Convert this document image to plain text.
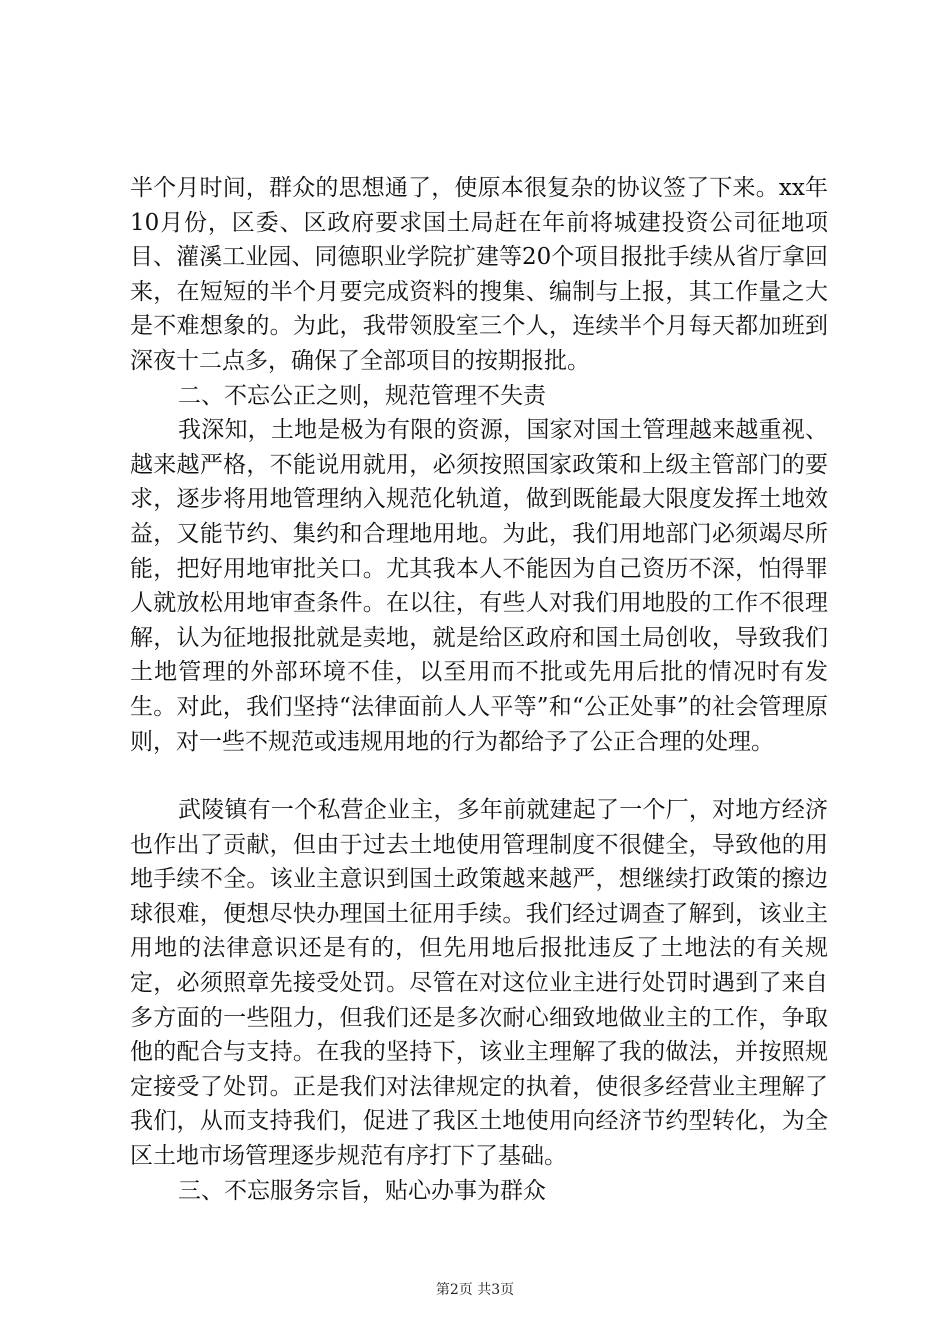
半个月时间，群众的思想通了，使原本很复杂的协议签了下来。xx年10月份，区委、区政府要求国土局赶在年前将城建投资公司征地项目、灌溪工业园、同德职业学院扩建等20个项目报批手续从省厅拿回来，在短短的半个月要完成资料的搜集、编制与上报，其工作量之大是不难想象的。为此，我带领股室三个人，连续半个月每天都加班到深夜十二点多，确保了全部项目的按期报批。

二、不忘公正之则，规范管理不失责

我深知，土地是极为有限的资源，国家对国土管理越来越重视、越来越严格，不能说用就用，必须按照国家政策和上级主管部门的要求，逐步将用地管理纳入规范化轨道，做到既能最大限度发挥土地效益，又能节约、集约和合理地用地。为此，我们用地部门必须竭尽所能，把好用地审批关口。尤其我本人不能因为自己资历不深，怕得罪人就放松用地审查条件。在以往，有些人对我们用地股的工作不很理解，认为征地报批就是卖地，就是给区政府和国土局创收，导致我们土地管理的外部环境不佳，以至用而不批或先用后批的情况时有发生。对此，我们坚持“法律面前人人平等”和“公正处事”的社会管理原则，对一些不规范或违规用地的行为都给予了公正合理的处理。

武陵镇有一个私营企业主，多年前就建起了一个厂，对地方经济也作出了贡献，但由于过去土地使用管理制度不很健全，导致他的用地手续不全。该业主意识到国土政策越来越严，想继续打政策的擦边球很难，便想尽快办理国土征用手续。我们经过调查了解到，该业主用地的法律意识还是有的，但先用地后报批违反了土地法的有关规定，必须照章先接受处罚。尽管在对这位业主进行处罚时遇到了来自多方面的一些阻力，但我们还是多次耐心细致地做业主的工作，争取他的配合与支持。在我的坚持下，该业主理解了我的做法，并按照规定接受了处罚。正是我们对法律规定的执着，使很多经营业主理解了我们，从而支持我们，促进了我区土地使用向经济节约型转化，为全区土地市场管理逐步规范有序打下了基础。

三、不忘服务宗旨，贴心办事为群众

第2页 共3页
